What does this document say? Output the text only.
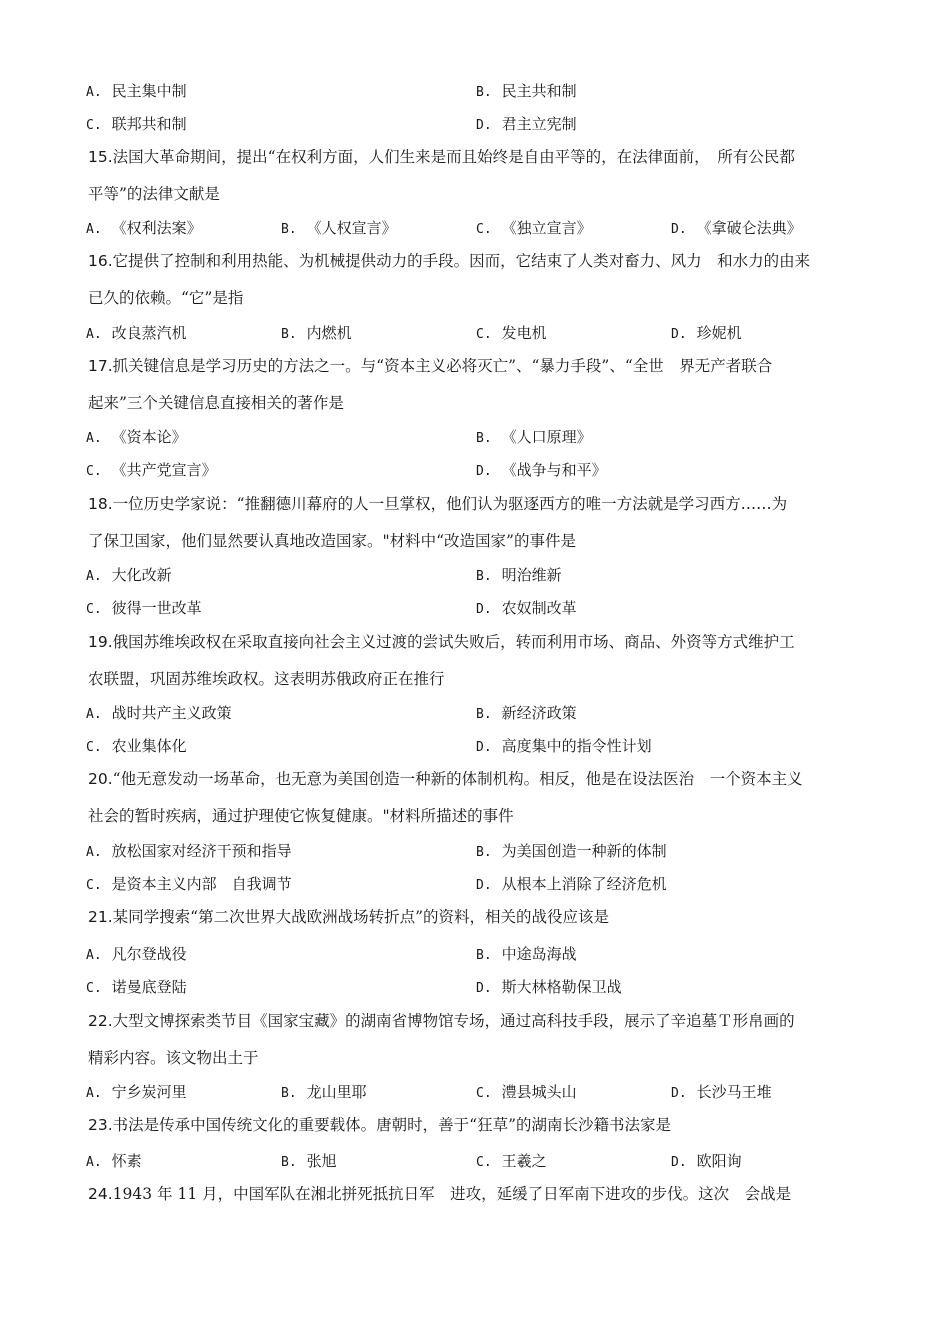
A. 民主集中制	B. 民主共和制
C. 联邦共和制	D. 君主立宪制
15.法国大革命期间，提出“在权利方面，人们生来是而且始终是自由平等的，在法律面前，　所有公民都
平等”的法律文献是
A. 《权利法案》	B. 《人权宣言》	C. 《独立宣言》	D. 《拿破仑法典》
16.它提供了控制和利用热能、为机械提供动力的手段。因而，它结束了人类对畜力、风力　和水力的由来
已久的依赖。“它”是指
A. 改良蒸汽机	B. 内燃机	C. 发电机	D. 珍妮机
17.抓关键信息是学习历史的方法之一。与“资本主义必将灭亡”、“暴力手段”、“全世　界无产者联合
起来”三个关键信息直接相关的著作是
A. 《资本论》	B. 《人口原理》
C. 《共产党宣言》	D. 《战争与和平》
18.一位历史学家说：“推翻德川幕府的人一旦掌权，他们认为驱逐西方的唯一方法就是学习西方……为
了保卫国家，他们显然要认真地改造国家。"材料中“改造国家”的事件是
A. 大化改新	B. 明治维新
C. 彼得一世改革	D. 农奴制改革
19.俄国苏维埃政权在采取直接向社会主义过渡的尝试失败后，转而利用市场、商品、外资等方式维护工
农联盟，巩固苏维埃政权。这表明苏俄政府正在推行
A. 战时共产主义政策	B. 新经济政策
C. 农业集体化	D. 高度集中的指令性计划
20.“他无意发动一场革命，也无意为美国创造一种新的体制机构。相反，他是在设法医治　一个资本主义
社会的暂时疾病，通过护理使它恢复健康。"材料所描述的事件
A. 放松国家对经济干预和指导	B. 为美国创造一种新的体制
C. 是资本主义内部　自我调节	D. 从根本上消除了经济危机
21.某同学搜索“第二次世界大战欧洲战场转折点”的资料，相关的战役应该是
A. 凡尔登战役	B. 中途岛海战
C. 诺曼底登陆	D. 斯大林格勒保卫战
22.大型文博探索类节目《国家宝藏》的湖南省博物馆专场，通过高科技手段，展示了辛追墓Ｔ形帛画的
精彩内容。该文物出土于
A. 宁乡炭河里	B. 龙山里耶	C. 澧县城头山	D. 长沙马王堆
23.书法是传承中国传统文化的重要载体。唐朝时，善于“狂草”的湖南长沙籍书法家是
A. 怀素	B. 张旭	C. 王羲之	D. 欧阳询
24.1943 年 11 月，中国军队在湘北拼死抵抗日军　进攻，延缓了日军南下进攻的步伐。这次　会战是
